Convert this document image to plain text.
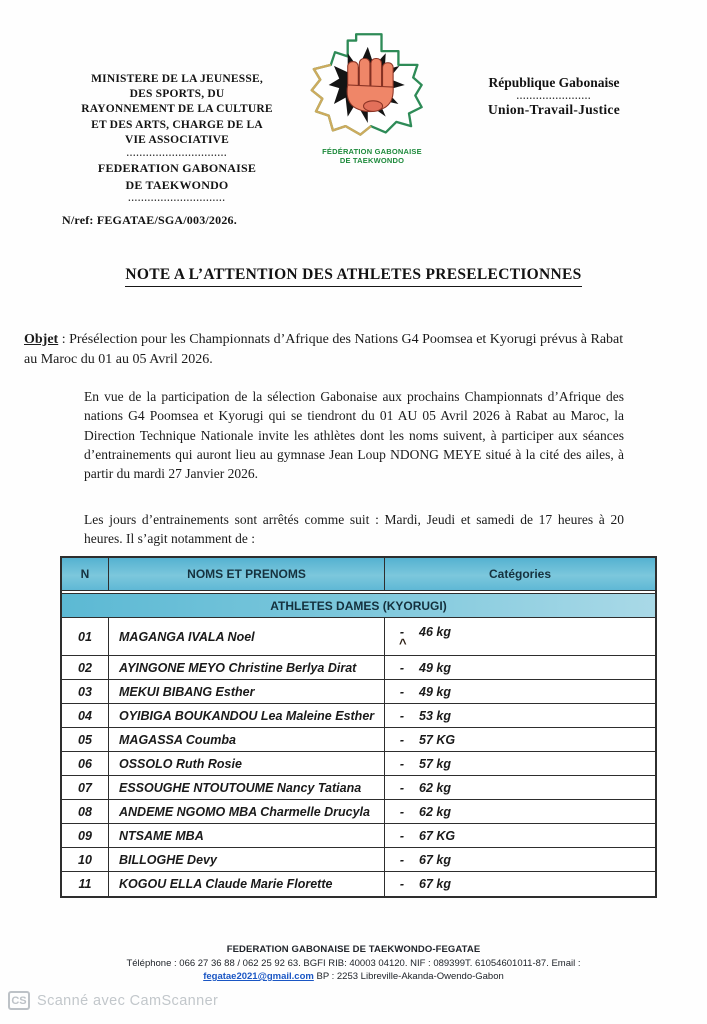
MINISTERE DE LA JEUNESSE,
DES SPORTS, DU
RAYONNEMENT DE LA CULTURE
ET DES ARTS, CHARGE DE LA
VIE ASSOCIATIVE
...............................
FEDERATION GABONAISE
DE TAEKWONDO
..............................
N/ref: FEGATAE/SGA/003/2026.
FÉDÉRATION GABONAISE
DE TAEKWONDO
République Gabonaise
.......................
Union-Travail-Justice
NOTE A L’ATTENTION DES ATHLETES PRESELECTIONNES
Objet : Présélection pour les Championnats d’Afrique des Nations G4 Poomsea et Kyorugi prévus à Rabat au Maroc du 01 au 05 Avril 2026.
En vue de la participation de la sélection Gabonaise aux prochains Championnats d’Afrique des nations G4 Poomsea et Kyorugi qui se tiendront du 01 AU 05 Avril 2026 à Rabat au Maroc, la Direction Technique Nationale invite les athlètes dont les noms suivent, à participer aux séances d’entrainements qui auront lieu au gymnase Jean Loup NDONG MEYE situé à la cité des ailes, à partir du mardi 27 Janvier 2026.
Les jours d’entrainements sont arrêtés comme suit : Mardi, Jeudi et samedi de 17 heures à 20 heures. Il s’agit notamment de :
N	NOMS ET PRENOMS	Catégories
ATHLETES DAMES (KYORUGI)
01	MAGANGA IVALA Noel	- 46 kg
^
02	AYINGONE MEYO Christine Berlya Dirat	-	49 kg
03	MEKUI BIBANG Esther	-	49 kg
04	OYIBIGA BOUKANDOU Lea Maleine Esther	-	53 kg
05	MAGASSA Coumba	-	57 KG
06	OSSOLO Ruth Rosie	-	57 kg
07	ESSOUGHE NTOUTOUME Nancy Tatiana	-	62 kg
08	ANDEME NGOMO MBA Charmelle Drucyla	-	62 kg
09	NTSAME MBA	-	67 KG
10	BILLOGHE Devy	-	67 kg
11	KOGOU ELLA Claude Marie Florette	-	67 kg
FEDERATION GABONAISE DE TAEKWONDO-FEGATAE
Téléphone : 066 27 36 88 / 062 25 92 63. BGFI RIB: 40003 04120. NIF : 089399T. 61054601011-87. Email :
fegatae2021@gmail.com BP : 2253 Libreville-Akanda-Owendo-Gabon
CS Scanné avec CamScanner
